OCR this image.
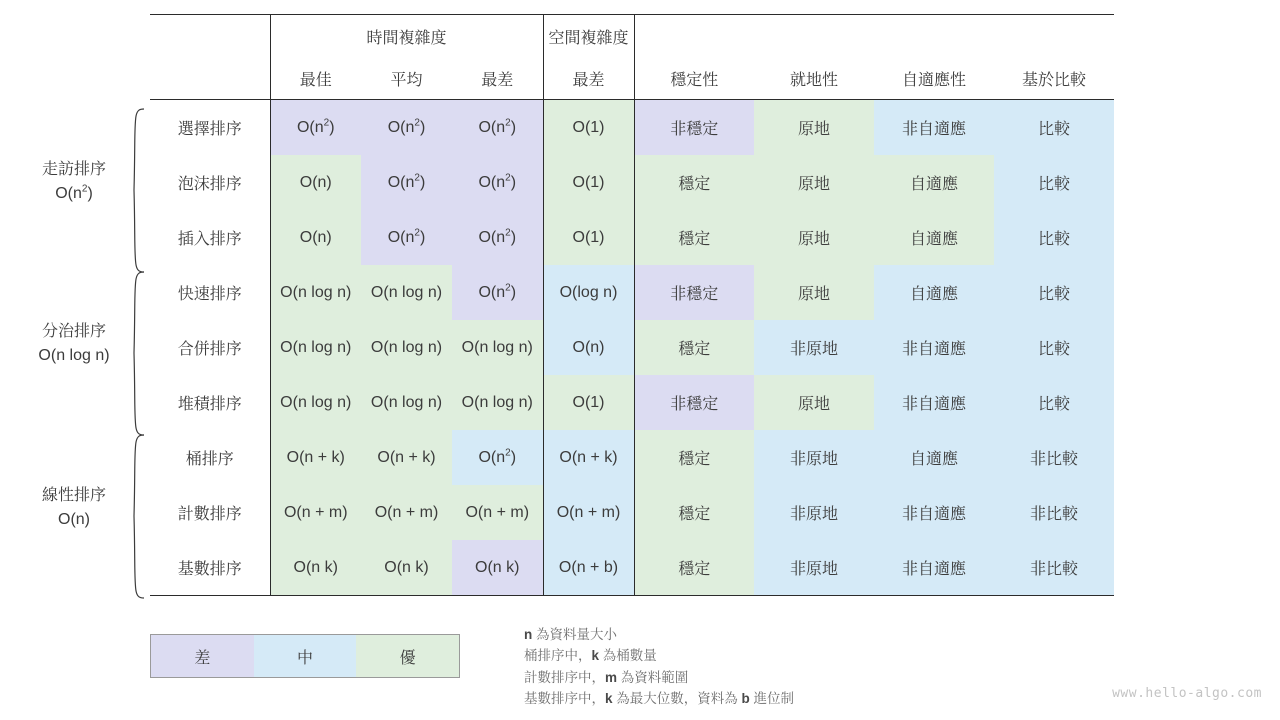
走訪排序
$O(n^2)$
分治排序
O(n log n)
線性排序
O(n)
	時間複雜度			空間複雜度				
	最佳	平均	最差	最差	穩定性	就地性	自適應性	基於比較
選擇排序	$O(n^2)$	$O(n^2)$	$O(n^2)$	O(1)	非穩定	原地	非自適應	比較
泡沫排序	O(n)	$O(n^2)$	$O(n^2)$	O(1)	穩定	原地	自適應	比較
插入排序	O(n)	$O(n^2)$	$O(n^2)$	O(1)	穩定	原地	自適應	比較
快速排序	O(n log n)	O(n log n)	$O(n^2)$	O(log n)	非穩定	原地	自適應	比較
合併排序	O(n log n)	O(n log n)	O(n log n)	O(n)	穩定	非原地	非自適應	比較
堆積排序	O(n log n)	O(n log n)	O(n log n)	O(1)	非穩定	原地	非自適應	比較
桶排序	O(n + k)	O(n + k)	$O(n^2)$	O(n + k)	穩定	非原地	自適應	非比較
計數排序	O(n + m)	O(n + m)	O(n + m)	O(n + m)	穩定	非原地	非自適應	非比較
基數排序	O(n k)	O(n k)	O(n k)	O(n + b)	穩定	非原地	非自適應	非比較
差	中	優
n 為資料量大小
桶排序中，k 為桶數量
計數排序中，m 為資料範圍
基數排序中，k 為最大位數，資料為 b 進位制	www.hello-algo.com
